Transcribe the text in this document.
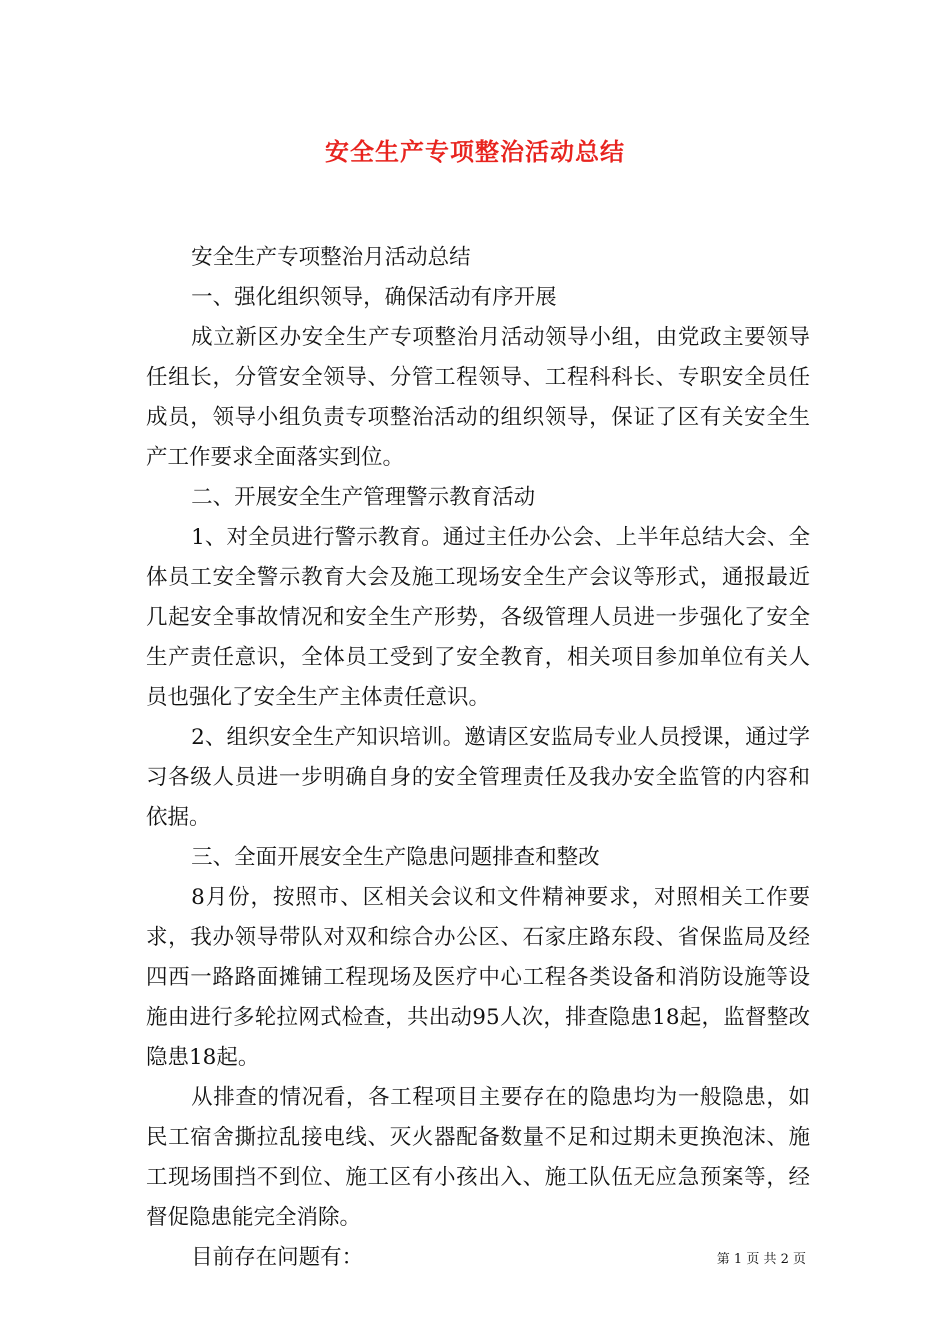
安全生产专项整治活动总结

安全生产专项整治月活动总结

一、强化组织领导，确保活动有序开展

成立新区办安全生产专项整治月活动领导小组，由党政主要领导任组长，分管安全领导、分管工程领导、工程科科长、专职安全员任成员，领导小组负责专项整治活动的组织领导，保证了区有关安全生产工作要求全面落实到位。

二、开展安全生产管理警示教育活动

1、对全员进行警示教育。通过主任办公会、上半年总结大会、全体员工安全警示教育大会及施工现场安全生产会议等形式，通报最近几起安全事故情况和安全生产形势，各级管理人员进一步强化了安全生产责任意识，全体员工受到了安全教育，相关项目参加单位有关人员也强化了安全生产主体责任意识。

2、组织安全生产知识培训。邀请区安监局专业人员授课，通过学习各级人员进一步明确自身的安全管理责任及我办安全监管的内容和依据。

三、全面开展安全生产隐患问题排查和整改

8月份，按照市、区相关会议和文件精神要求，对照相关工作要求，我办领导带队对双和综合办公区、石家庄路东段、省保监局及经四西一路路面摊铺工程现场及医疗中心工程各类设备和消防设施等设施由进行多轮拉网式检查，共出动95人次，排查隐患18起，监督整改隐患18起。

从排查的情况看，各工程项目主要存在的隐患均为一般隐患，如民工宿舍撕拉乱接电线、灭火器配备数量不足和过期未更换泡沫、施工现场围挡不到位、施工区有小孩出入、施工队伍无应急预案等，经督促隐患能完全消除。

目前存在问题有：	第 1 页 共 2 页
